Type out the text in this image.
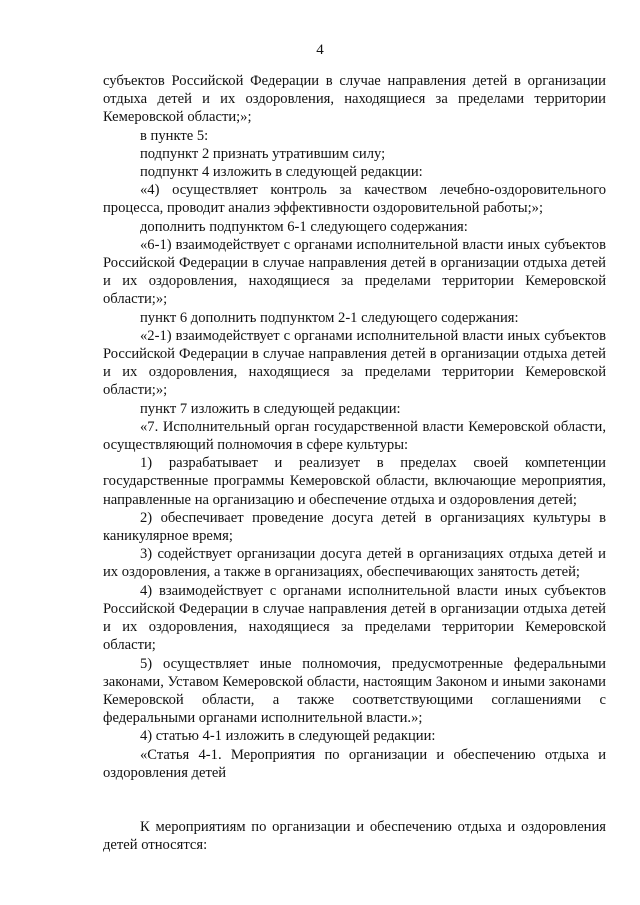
4

субъектов Российской Федерации в случае направления детей в организации отдыха детей и их оздоровления, находящиеся за пределами территории Кемеровской области;»;

в пункте 5:

подпункт 2 признать утратившим силу;

подпункт 4 изложить в следующей редакции:

«4) осуществляет контроль за качеством лечебно-оздоровительного процесса, проводит анализ эффективности оздоровительной работы;»;

дополнить подпунктом 6-1 следующего содержания:

«6-1) взаимодействует с органами исполнительной власти иных субъектов Российской Федерации в случае направления детей в организации отдыха детей и их оздоровления, находящиеся за пределами территории Кемеровской области;»;

пункт 6 дополнить подпунктом 2-1 следующего содержания:

«2-1) взаимодействует с органами исполнительной власти иных субъектов Российской Федерации в случае направления детей в организации отдыха детей и их оздоровления, находящиеся за пределами территории Кемеровской области;»;

пункт 7 изложить в следующей редакции:

«7. Исполнительный орган государственной власти Кемеровской области, осуществляющий полномочия в сфере культуры:

1) разрабатывает и реализует в пределах своей компетенции государственные программы Кемеровской области, включающие мероприятия, направленные на организацию и обеспечение отдыха и оздоровления детей;

2) обеспечивает проведение досуга детей в организациях культуры в каникулярное время;

3) содействует организации досуга детей в организациях отдыха детей и их оздоровления, а также в организациях, обеспечивающих занятость детей;

4) взаимодействует с органами исполнительной власти иных субъектов Российской Федерации в случае направления детей в организации отдыха детей и их оздоровления, находящиеся за пределами территории Кемеровской области;

5) осуществляет иные полномочия, предусмотренные федеральными законами, Уставом Кемеровской области, настоящим Законом и иными законами Кемеровской области, а также соответствующими соглашениями с федеральными органами исполнительной власти.»;

4) статью 4-1 изложить в следующей редакции:

«Статья 4-1. Мероприятия по организации и обеспечению отдыха и оздоровления детей

К мероприятиям по организации и обеспечению отдыха и оздоровления детей относятся:
